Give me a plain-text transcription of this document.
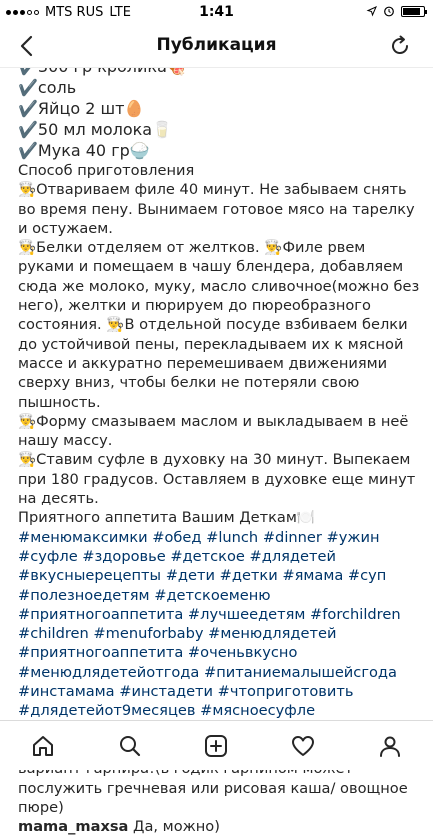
MTS RUS LTE	1:41
Публикация

✔️соль

✔️Яйцо 2 шт🥚

✔️50 мл молока🥛

✔️Мука 40 гр🍚

Способ приготовления

👨‍🍳Отвариваем филе 40 минут. Не забываем снять во время пену. Вынимаем готовое мясо на тарелку и остужаем.

👨‍🍳Белки отделяем от желтков. 👨‍🍳Филе рвем руками и помещаем в чашу блендера, добавляем сюда же молоко, муку, масло сливочное(можно без него), желтки и пюрируем до пюреобразного состояния. 👨‍🍳В отдельной посуде взбиваем белки до устойчивой пены, перекладываем их к мясной массе и аккуратно перемешиваем движениями сверху вниз, чтобы белки не потеряли свою пышность.

👨‍🍳Форму смазываем маслом и выкладываем в неё нашу массу.

👨‍🍳Ставим суфле в духовку на 30 минут. Выпекаем при 180 градусов. Оставляем в духовке еще минут на десять.

Приятного аппетита Вашим Деткам🍽️

#менюмаксимки #обед #lunch #dinner #ужин #суфле #здоровье #детское #длядетей #вкусныерецепты #дети #детки #ямама #суп #полезноедетям #детскоеменю #приятногоаппетита #лучшеедетям #forchildren #children #menuforbaby #менюдлядетей #приятногоаппетита #оченьвкусно #менюдлядетейотгода #питаниемалышейсгода #инстамама #инстадети #чтоприготовить #длядетейот9месяцев #мясноесуфле

послужить гречневая или рисовая каша/ овощное пюре)

mama_maxsa Да, можно)
